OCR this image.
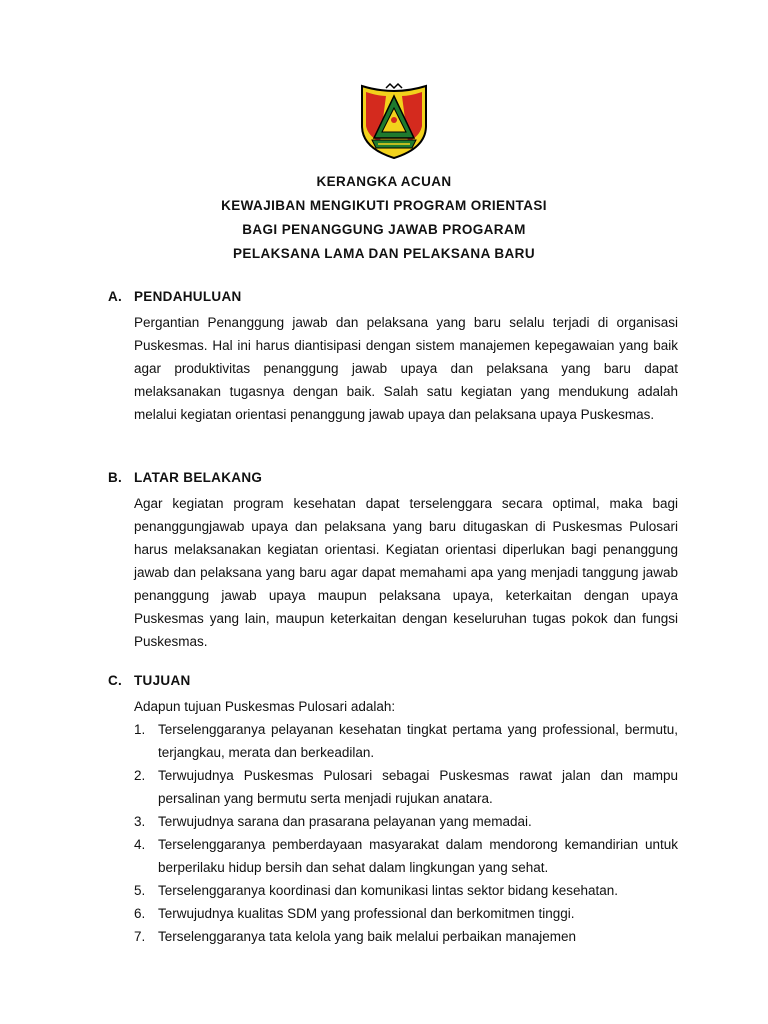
KERANGKA ACUAN
KEWAJIBAN MENGIKUTI PROGRAM ORIENTASI
BAGI PENANGGUNG JAWAB PROGARAM
PELAKSANA LAMA DAN PELAKSANA BARU
A. PENDAHULUAN
Pergantian Penanggung jawab dan pelaksana yang baru selalu terjadi di organisasi Puskesmas. Hal ini harus diantisipasi dengan sistem manajemen kepegawaian yang baik agar produktivitas penanggung jawab upaya dan pelaksana yang baru dapat melaksanakan tugasnya dengan baik. Salah satu kegiatan yang mendukung adalah melalui kegiatan orientasi penanggung jawab upaya dan pelaksana upaya Puskesmas.
B. LATAR BELAKANG
Agar kegiatan program kesehatan dapat terselenggara secara optimal, maka bagi penanggungjawab upaya dan pelaksana yang baru ditugaskan di Puskesmas Pulosari harus melaksanakan kegiatan orientasi. Kegiatan orientasi diperlukan bagi penanggung jawab dan pelaksana yang baru agar dapat memahami apa yang menjadi tanggung jawab penanggung jawab upaya maupun pelaksana upaya, keterkaitan dengan upaya Puskesmas yang lain, maupun keterkaitan dengan keseluruhan tugas pokok dan fungsi Puskesmas.
C. TUJUAN
Adapun tujuan Puskesmas Pulosari adalah:
1. Terselenggaranya pelayanan kesehatan tingkat pertama yang professional, bermutu, terjangkau, merata dan berkeadilan.
2. Terwujudnya Puskesmas Pulosari sebagai Puskesmas rawat jalan dan mampu persalinan yang bermutu serta menjadi rujukan anatara.
3. Terwujudnya sarana dan prasarana pelayanan yang memadai.
4. Terselenggaranya pemberdayaan masyarakat dalam mendorong kemandirian untuk berperilaku hidup bersih dan sehat dalam lingkungan yang sehat.
5. Terselenggaranya koordinasi dan komunikasi lintas sektor bidang kesehatan.
6. Terwujudnya kualitas SDM yang professional dan berkomitmen tinggi.
7. Terselenggaranya tata kelola yang baik melalui perbaikan manajemen
